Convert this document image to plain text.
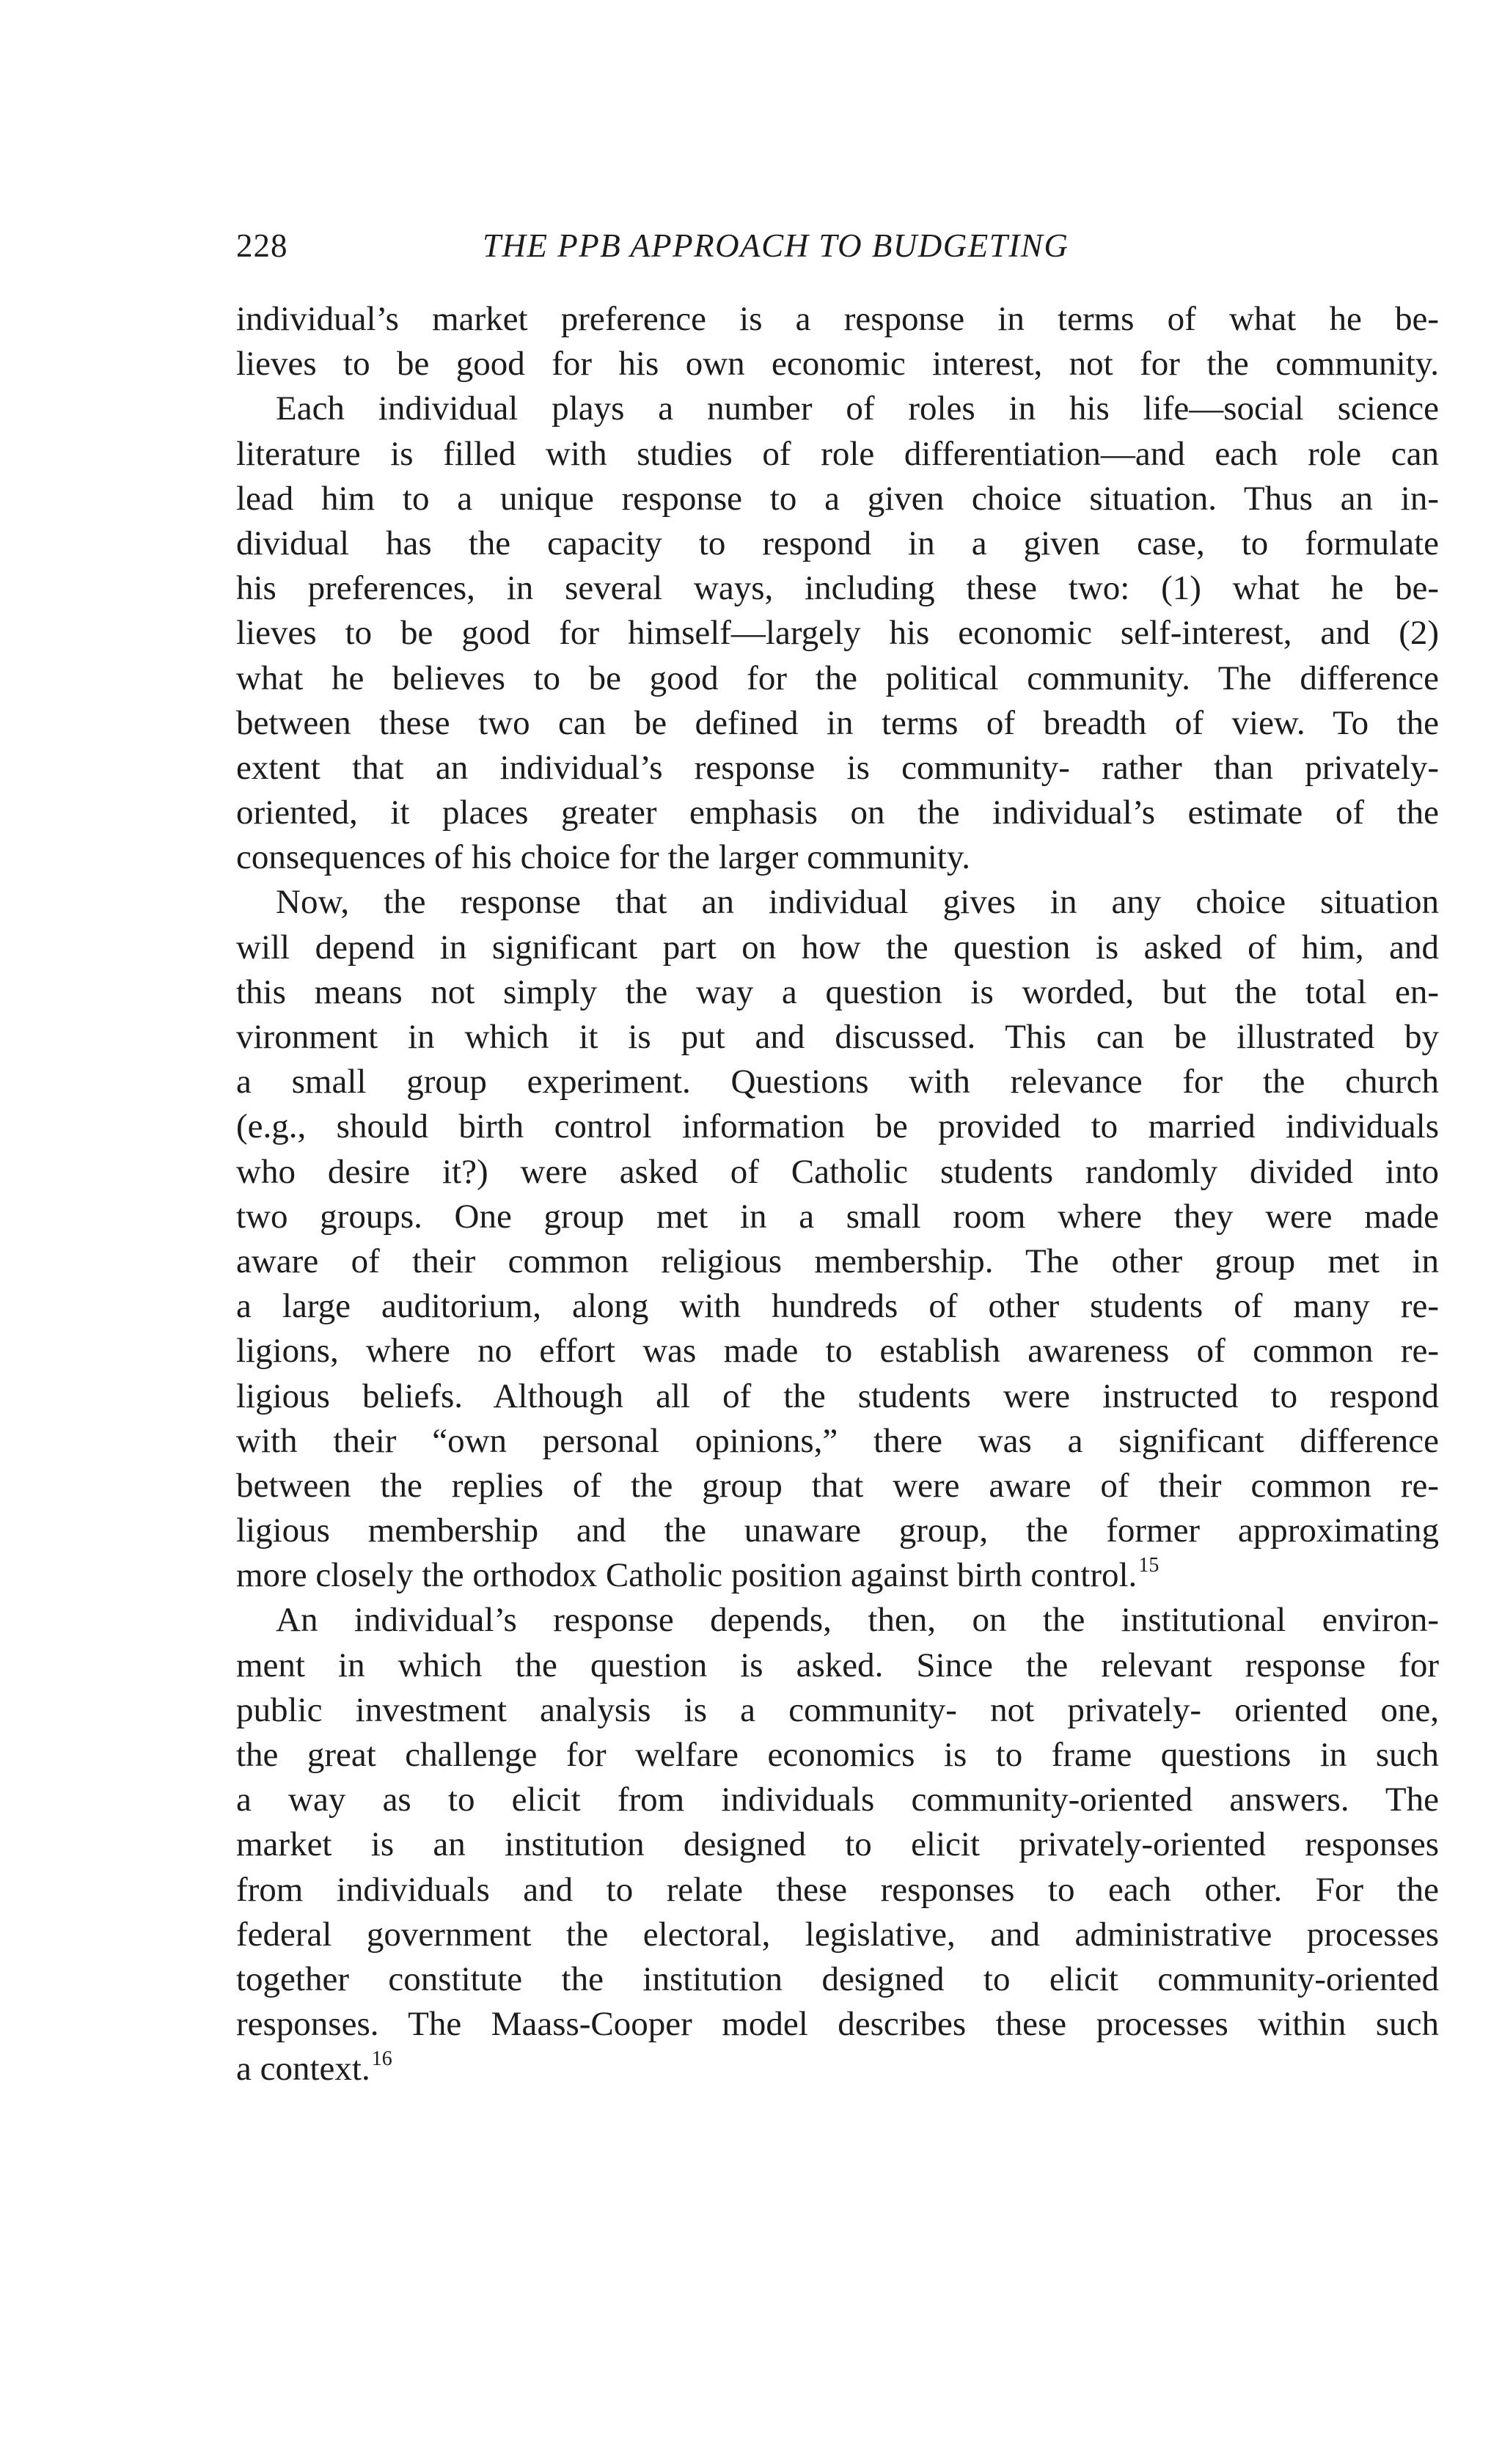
228	THE PPB APPROACH TO BUDGETING
individual’s market preference is a response in terms of what he be-
lieves to be good for his own economic interest, not for the community.
Each individual plays a number of roles in his life—social science
literature is filled with studies of role differentiation—and each role can
lead him to a unique response to a given choice situation. Thus an in-
dividual has the capacity to respond in a given case, to formulate
his preferences, in several ways, including these two: (1) what he be-
lieves to be good for himself—largely his economic self-interest, and (2)
what he believes to be good for the political community. The difference
between these two can be defined in terms of breadth of view. To the
extent that an individual’s response is community- rather than privately-
oriented, it places greater emphasis on the individual’s estimate of the
consequences of his choice for the larger community.
Now, the response that an individual gives in any choice situation
will depend in significant part on how the question is asked of him, and
this means not simply the way a question is worded, but the total en-
vironment in which it is put and discussed. This can be illustrated by
a small group experiment. Questions with relevance for the church
(e.g., should birth control information be provided to married individuals
who desire it?) were asked of Catholic students randomly divided into
two groups. One group met in a small room where they were made
aware of their common religious membership. The other group met in
a large auditorium, along with hundreds of other students of many re-
ligions, where no effort was made to establish awareness of common re-
ligious beliefs. Although all of the students were instructed to respond
with their “own personal opinions,” there was a significant difference
between the replies of the group that were aware of their common re-
ligious membership and the unaware group, the former approximating
more closely the orthodox Catholic position against birth control.$^{15}$
An individual’s response depends, then, on the institutional environ-
ment in which the question is asked. Since the relevant response for
public investment analysis is a community- not privately- oriented one,
the great challenge for welfare economics is to frame questions in such
a way as to elicit from individuals community-oriented answers. The
market is an institution designed to elicit privately-oriented responses
from individuals and to relate these responses to each other. For the
federal government the electoral, legislative, and administrative processes
together constitute the institution designed to elicit community-oriented
responses. The Maass-Cooper model describes these processes within such
a context.$^{16}$
